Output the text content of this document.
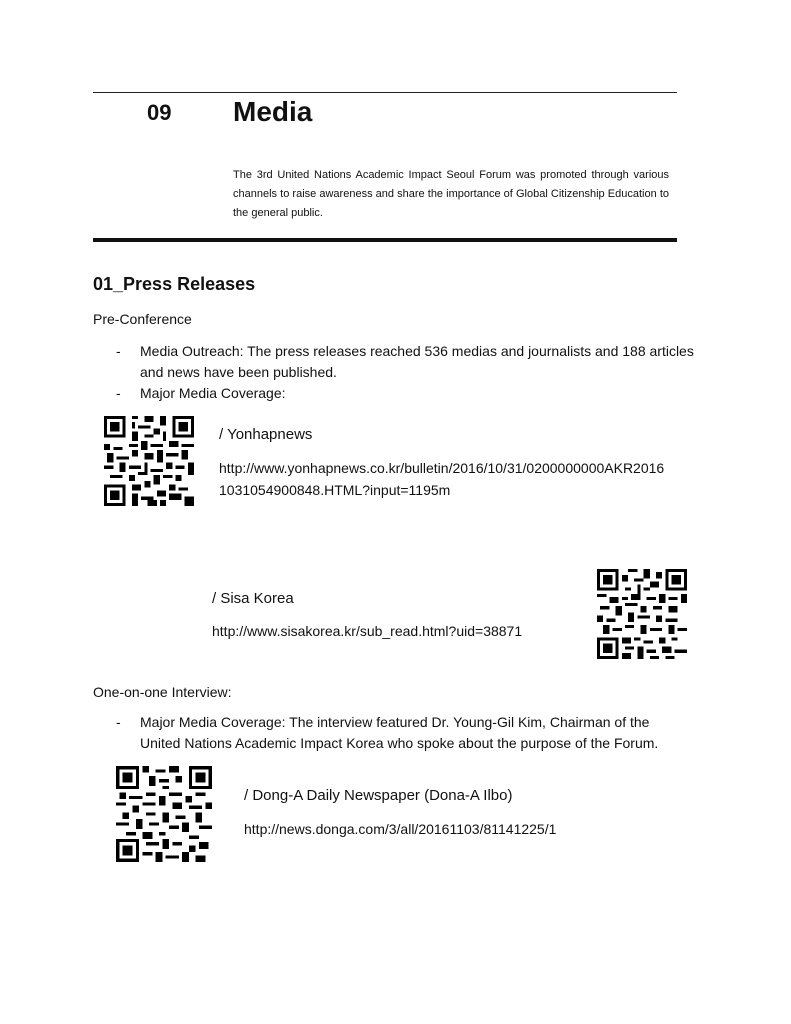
09 Media
The 3rd United Nations Academic Impact Seoul Forum was promoted through various channels to raise awareness and share the importance of Global Citizenship Education to the general public.
01_Press Releases
Pre-Conference
- Media Outreach: The press releases reached 536 medias and journalists and 188 articles and news have been published.
- Major Media Coverage:
/ Yonhapnews
http://www.yonhapnews.co.kr/bulletin/2016/10/31/0200000000AKR20161031054900848.HTML?input=1195m
/ Sisa Korea
http://www.sisakorea.kr/sub_read.html?uid=38871
One-on-one Interview:
- Major Media Coverage: The interview featured Dr. Young-Gil Kim, Chairman of the United Nations Academic Impact Korea who spoke about the purpose of the Forum.
/ Dong-A Daily Newspaper (Dona-A Ilbo)
http://news.donga.com/3/all/20161103/81141225/1
